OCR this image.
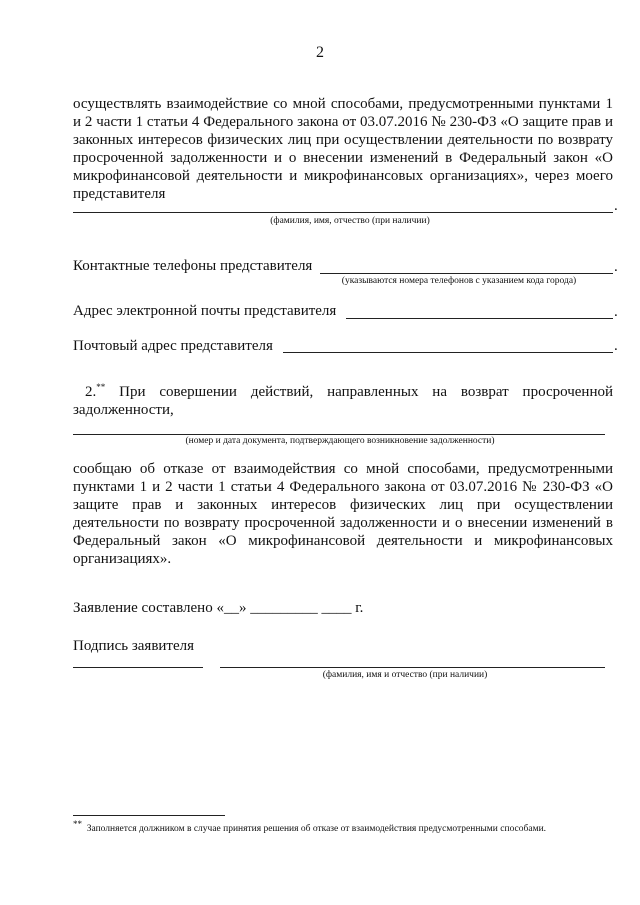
2
осуществлять взаимодействие со мной способами, предусмотренными пунктами 1 и 2 части 1 статьи 4 Федерального закона от 03.07.2016 № 230-ФЗ «О защите прав и законных интересов физических лиц при осуществлении деятельности по возврату просроченной задолженности и о внесении изменений в Федеральный закон «О микрофинансовой деятельности и микрофинансовых организациях», через моего представителя
.
(фамилия, имя, отчество (при наличии)
Контактные телефоны представителя	.
(указываются номера телефонов с указанием кода города)
Адрес электронной почты представителя	.
Почтовый адрес представителя	.
2.** При совершении действий, направленных на возврат просроченной задолженности,
(номер и дата документа, подтверждающего возникновение задолженности)
сообщаю об отказе от взаимодействия со мной способами, предусмотренными пунктами 1 и 2 части 1 статьи 4 Федерального закона от 03.07.2016 № 230-ФЗ «О защите прав и законных интересов физических лиц при осуществлении деятельности по возврату просроченной задолженности и о внесении изменений в Федеральный закон «О микрофинансовой деятельности и микрофинансовых организациях».
Заявление составлено «__» _________ ____ г.
Подпись заявителя
(фамилия, имя и отчество (при наличии)
**  Заполняется должником в случае принятия решения об отказе от взаимодействия предусмотренными способами.
